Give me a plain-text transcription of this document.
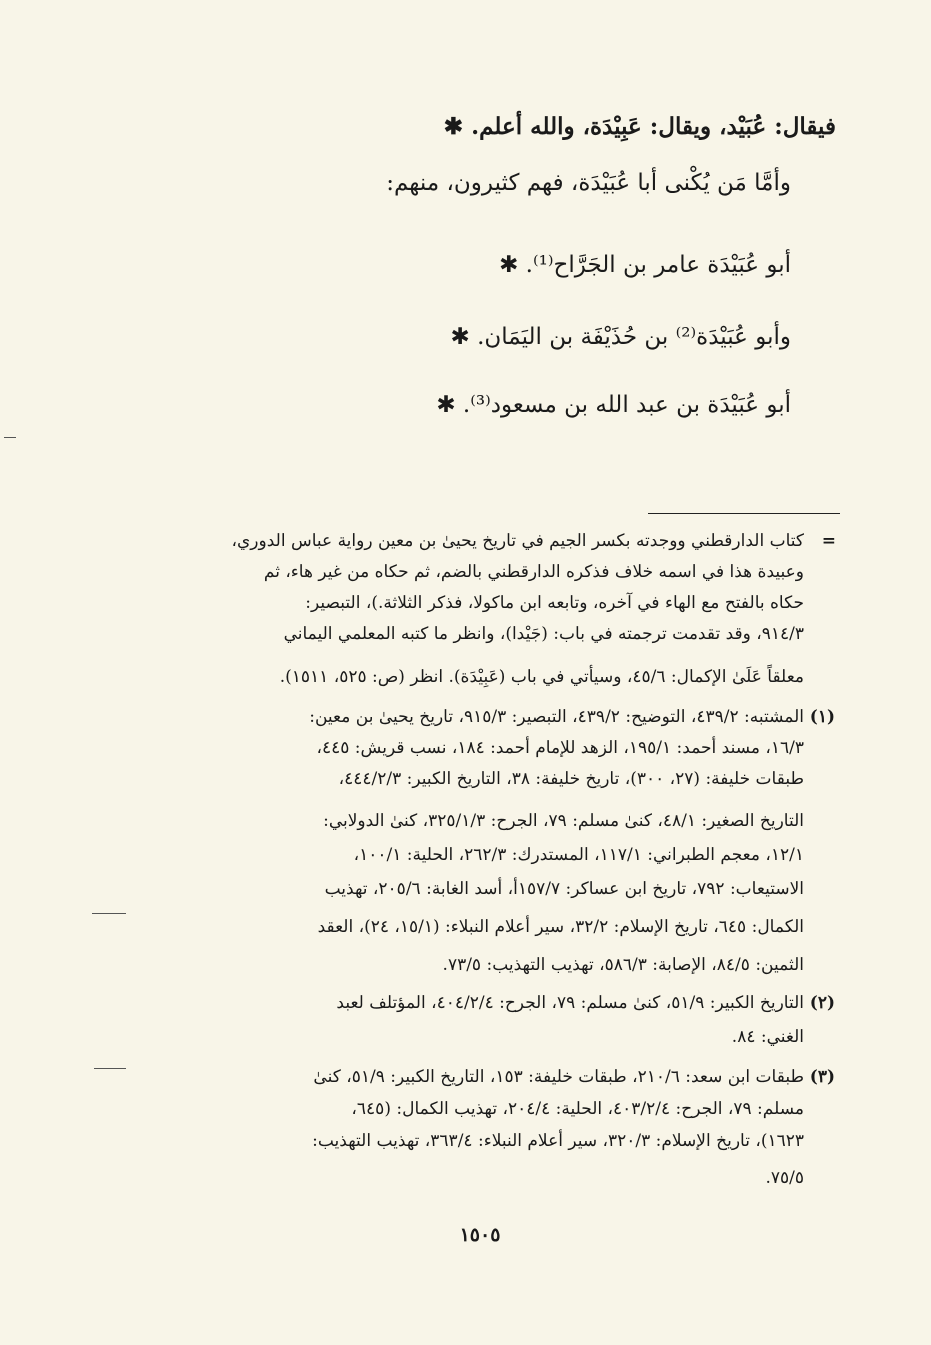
فيقال: عُبَيْد، ويقال: عَبِيْدَة، والله أعلم. ✱
وأمَّا مَن يُكْنى أبا عُبَيْدَة، فهم كثيرون، منهم:
أبو عُبَيْدَة عامر بن الجَرَّاح⁽¹⁾. ✱
وأبو عُبَيْدَة⁽²⁾ بن حُذَيْفَة بن اليَمَان. ✱
أبو عُبَيْدَة بن عبد الله بن مسعود⁽³⁾. ✱
=
كتاب الدارقطني ووجدته بكسر الجيم في تاريخ يحيىٰ بن معين رواية عباس الدوري،
وعبيدة هذا في اسمه خلاف فذكره الدارقطني بالضم، ثم حكاه من غير هاء، ثم
حكاه بالفتح مع الهاء في آخره، وتابعه ابن ماكولا، فذكر الثلاثة.)، التبصير:
٩١٤/٣، وقد تقدمت ترجمته في باب: (جَيْدا)، وانظر ما كتبه المعلمي اليماني
معلقاً عَلَىٰ الإكمال: ٤٥/٦، وسيأتي في باب (عَبِيْدَة). انظر (ص: ٥٢٥، ١٥١١).
(١)
المشتبه: ٤٣٩/٢، التوضيح: ٤٣٩/٢، التبصير: ٩١٥/٣، تاريخ يحيىٰ بن معين:
١٦/٣، مسند أحمد: ١٩٥/١، الزهد للإمام أحمد: ١٨٤، نسب قريش: ٤٤٥،
طبقات خليفة: (٢٧، ٣٠٠)، تاريخ خليفة: ٣٨، التاريخ الكبير: ٤٤٤/٢/٣،
التاريخ الصغير: ٤٨/١، كنىٰ مسلم: ٧٩، الجرح: ٣٢٥/١/٣، كنىٰ الدولابي:
١٢/١، معجم الطبراني: ١١٧/١، المستدرك: ٢٦٢/٣، الحلية: ١٠٠/١،
الاستيعاب: ٧٩٢، تاريخ ابن عساكر: ١٥٧/٧أ، أسد الغابة: ٢٠٥/٦، تهذيب
الكمال: ٦٤٥، تاريخ الإسلام: ٣٢/٢، سير أعلام النبلاء: (١٥/١، ٢٤)، العقد
الثمين: ٨٤/٥، الإصابة: ٥٨٦/٣، تهذيب التهذيب: ٧٣/٥.
(٢)
التاريخ الكبير: ٥١/٩، كنىٰ مسلم: ٧٩، الجرح: ٤٠٤/٢/٤، المؤتلف لعبد
الغني: ٨٤.
(٣)
طبقات ابن سعد: ٢١٠/٦، طبقات خليفة: ١٥٣، التاريخ الكبير: ٥١/٩، كنىٰ
مسلم: ٧٩، الجرح: ٤٠٣/٢/٤، الحلية: ٢٠٤/٤، تهذيب الكمال: (٦٤٥،
١٦٢٣)، تاريخ الإسلام: ٣٢٠/٣، سير أعلام النبلاء: ٣٦٣/٤، تهذيب التهذيب:
٧٥/٥.
١٥٠٥
